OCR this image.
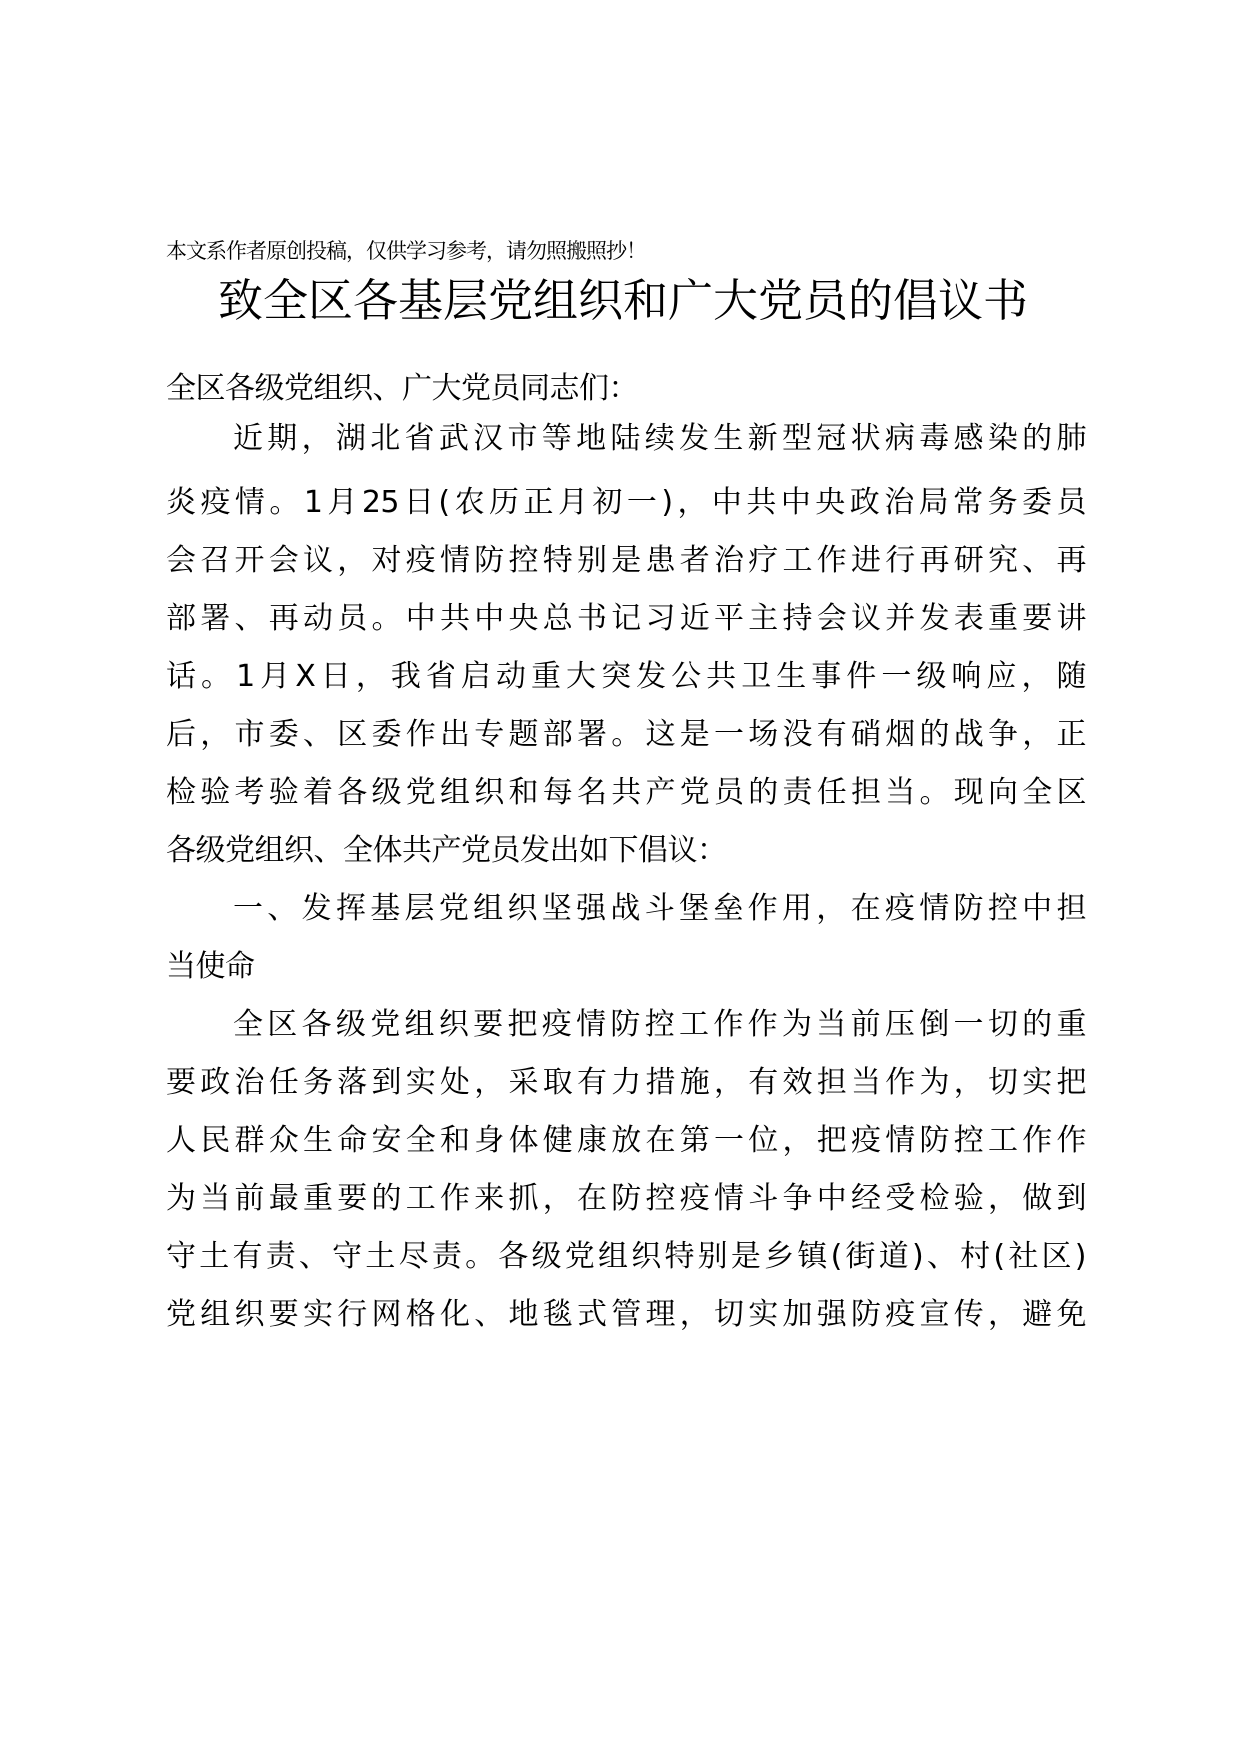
本文系作者原创投稿，仅供学习参考，请勿照搬照抄！
致全区各基层党组织和广大党员的倡议书
全区各级党组织、广大党员同志们：
近期，湖北省武汉市等地陆续发生新型冠状病毒感染的肺
炎疫情。1月25日(农历正月初一)，中共中央政治局常务委员
会召开会议，对疫情防控特别是患者治疗工作进行再研究、再
部署、再动员。中共中央总书记习近平主持会议并发表重要讲
话。1月X日，我省启动重大突发公共卫生事件一级响应，随
后，市委、区委作出专题部署。这是一场没有硝烟的战争，正
检验考验着各级党组织和每名共产党员的责任担当。现向全区
各级党组织、全体共产党员发出如下倡议：
一、发挥基层党组织坚强战斗堡垒作用，在疫情防控中担
当使命
全区各级党组织要把疫情防控工作作为当前压倒一切的重
要政治任务落到实处，采取有力措施，有效担当作为，切实把
人民群众生命安全和身体健康放在第一位，把疫情防控工作作
为当前最重要的工作来抓，在防控疫情斗争中经受检验，做到
守土有责、守土尽责。各级党组织特别是乡镇(街道)、村(社区)
党组织要实行网格化、地毯式管理，切实加强防疫宣传，避免
